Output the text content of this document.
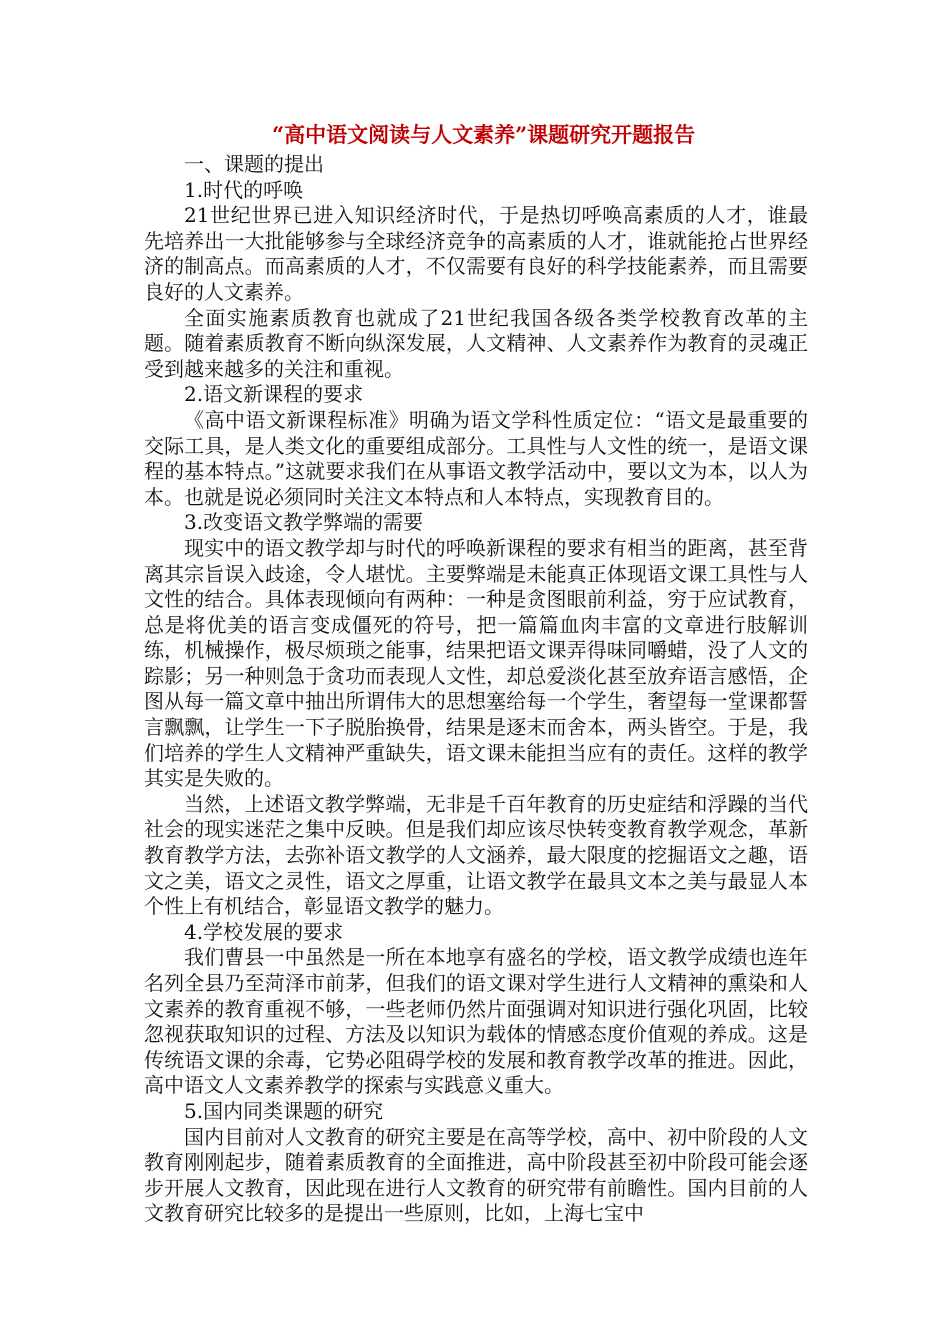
“高中语文阅读与人文素养”课题研究开题报告

一、课题的提出

1.时代的呼唤

21世纪世界已进入知识经济时代，于是热切呼唤高素质的人才，谁最先培养出一大批能够参与全球经济竞争的高素质的人才，谁就能抢占世界经济的制高点。而高素质的人才，不仅需要有良好的科学技能素养，而且需要良好的人文素养。

全面实施素质教育也就成了21世纪我国各级各类学校教育改革的主题。随着素质教育不断向纵深发展，人文精神、人文素养作为教育的灵魂正受到越来越多的关注和重视。

2.语文新课程的要求

《高中语文新课程标准》明确为语文学科性质定位：“语文是最重要的交际工具，是人类文化的重要组成部分。工具性与人文性的统一，是语文课程的基本特点。”这就要求我们在从事语文教学活动中，要以文为本，以人为本。也就是说必须同时关注文本特点和人本特点，实现教育目的。

3.改变语文教学弊端的需要

现实中的语文教学却与时代的呼唤新课程的要求有相当的距离，甚至背离其宗旨误入歧途，令人堪忧。主要弊端是未能真正体现语文课工具性与人文性的结合。具体表现倾向有两种：一种是贪图眼前利益，穷于应试教育，总是将优美的语言变成僵死的符号，把一篇篇血肉丰富的文章进行肢解训练，机械操作，极尽烦琐之能事，结果把语文课弄得味同嚼蜡，没了人文的踪影；另一种则急于贪功而表现人文性，却总爱淡化甚至放弃语言感悟，企图从每一篇文章中抽出所谓伟大的思想塞给每一个学生，奢望每一堂课都誓言飘飘，让学生一下子脱胎换骨，结果是逐末而舍本，两头皆空。于是，我们培养的学生人文精神严重缺失，语文课未能担当应有的责任。这样的教学其实是失败的。

当然，上述语文教学弊端，无非是千百年教育的历史症结和浮躁的当代社会的现实迷茫之集中反映。但是我们却应该尽快转变教育教学观念，革新教育教学方法，去弥补语文教学的人文涵养，最大限度的挖掘语文之趣，语文之美，语文之灵性，语文之厚重，让语文教学在最具文本之美与最显人本个性上有机结合，彰显语文教学的魅力。

4.学校发展的要求

我们曹县一中虽然是一所在本地享有盛名的学校，语文教学成绩也连年名列全县乃至菏泽市前茅，但我们的语文课对学生进行人文精神的熏染和人文素养的教育重视不够，一些老师仍然片面强调对知识进行强化巩固，比较忽视获取知识的过程、方法及以知识为载体的情感态度价值观的养成。这是传统语文课的余毒，它势必阻碍学校的发展和教育教学改革的推进。因此，高中语文人文素养教学的探索与实践意义重大。

5.国内同类课题的研究

国内目前对人文教育的研究主要是在高等学校，高中、初中阶段的人文教育刚刚起步，随着素质教育的全面推进，高中阶段甚至初中阶段可能会逐步开展人文教育，因此现在进行人文教育的研究带有前瞻性。国内目前的人文教育研究比较多的是提出一些原则，比如，上海七宝中
